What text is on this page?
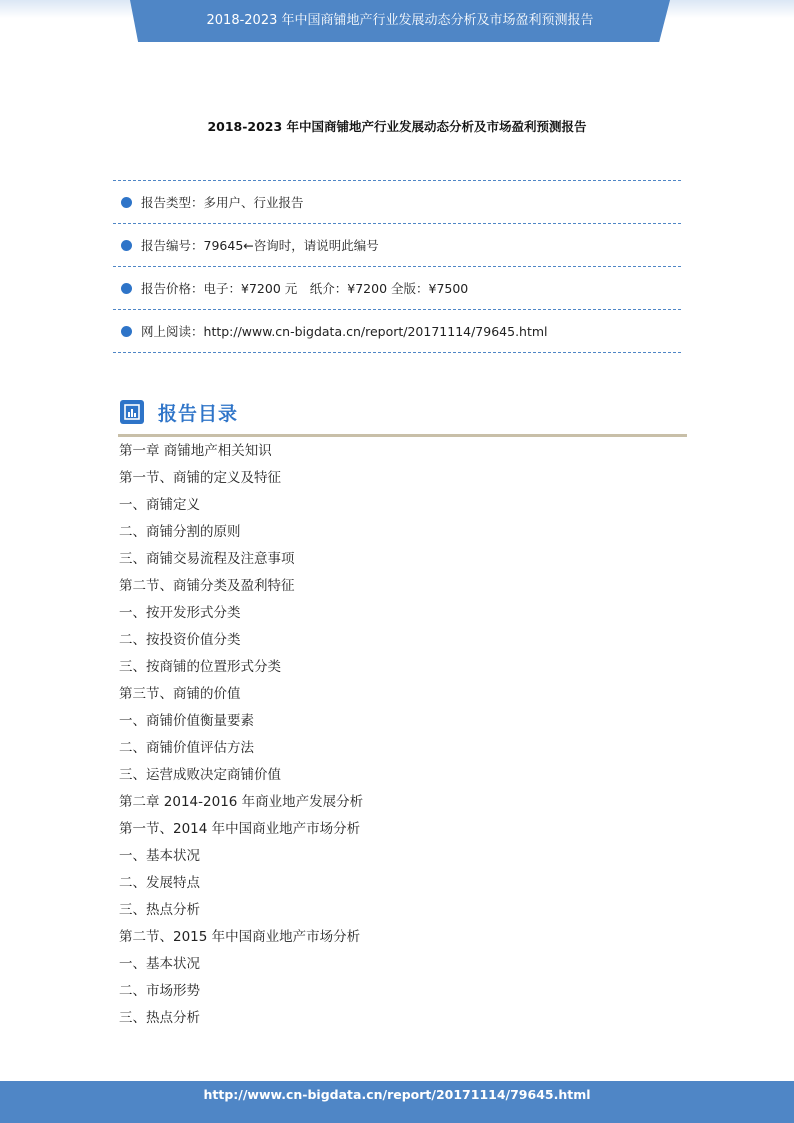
2018-2023 年中国商铺地产行业发展动态分析及市场盈利预测报告
2018-2023 年中国商铺地产行业发展动态分析及市场盈利预测报告
报告类型： 多用户、行业报告
报告编号： 79645←咨询时，请说明此编号
报告价格： 电子：¥7200 元　纸介：¥7200 全版：¥7500
网上阅读： http://www.cn-bigdata.cn/report/20171114/79645.html
报告目录
第一章 商铺地产相关知识
第一节、商铺的定义及特征
一、商铺定义
二、商铺分割的原则
三、商铺交易流程及注意事项
第二节、商铺分类及盈利特征
一、按开发形式分类
二、按投资价值分类
三、按商铺的位置形式分类
第三节、商铺的价值
一、商铺价值衡量要素
二、商铺价值评估方法
三、运营成败决定商铺价值
第二章 2014-2016 年商业地产发展分析
第一节、2014 年中国商业地产市场分析
一、基本状况
二、发展特点
三、热点分析
第二节、2015 年中国商业地产市场分析
一、基本状况
二、市场形势
三、热点分析
http://www.cn-bigdata.cn/report/20171114/79645.html
